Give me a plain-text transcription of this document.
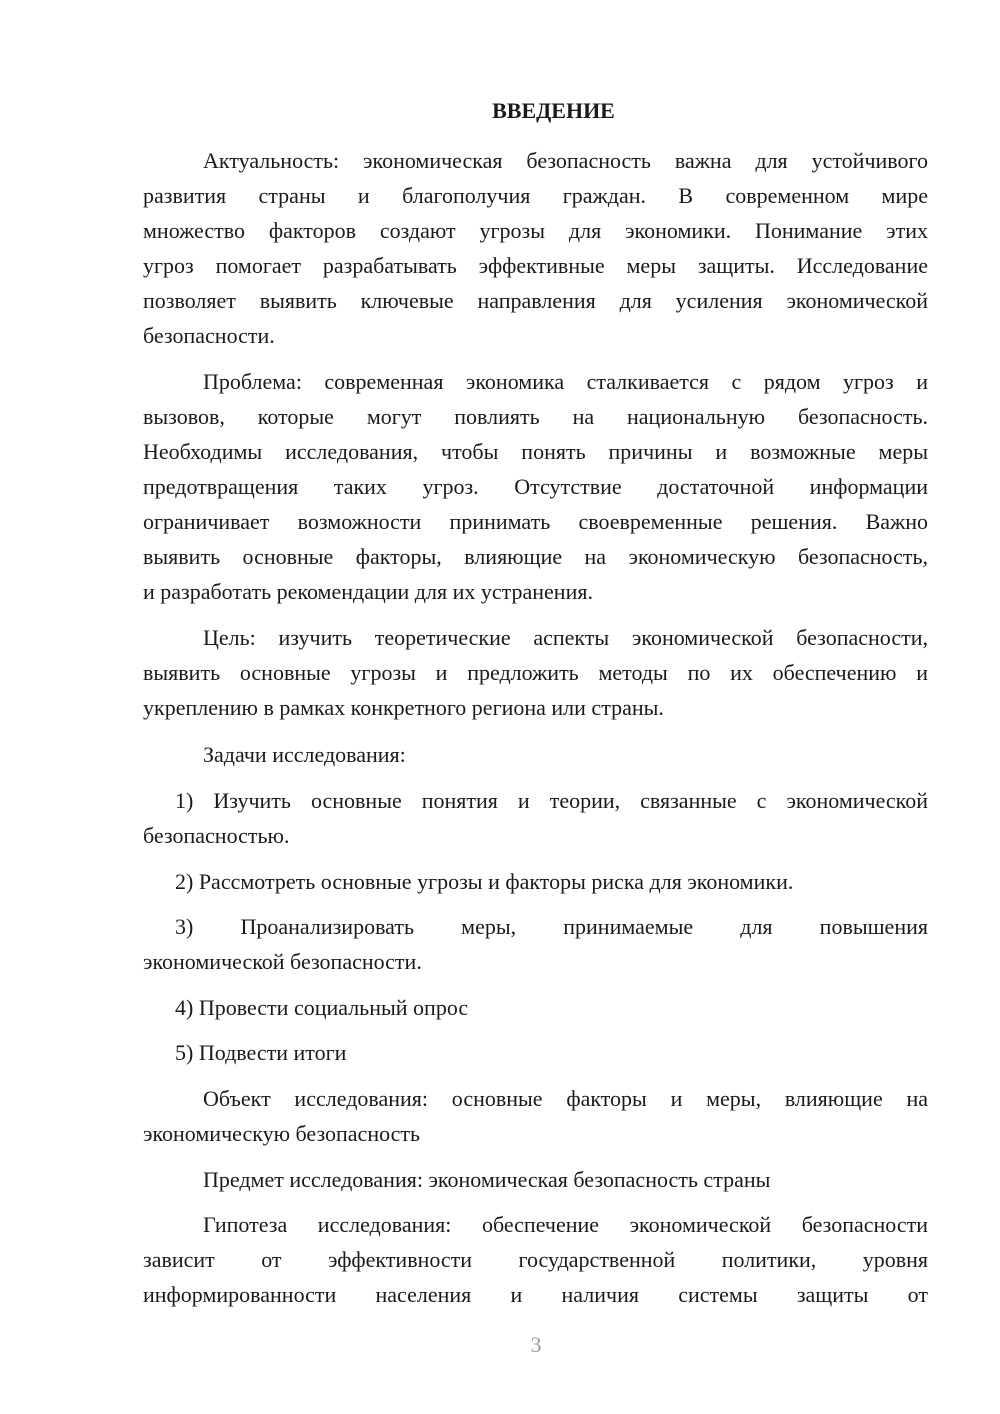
ВВЕДЕНИЕ
Актуальность: экономическая безопасность важна для устойчивого
развития страны и благополучия граждан. В современном мире
множество факторов создают угрозы для экономики. Понимание этих
угроз помогает разрабатывать эффективные меры защиты. Исследование
позволяет выявить ключевые направления для усиления экономической
безопасности.
Проблема: современная экономика сталкивается с рядом угроз и
вызовов, которые могут повлиять на национальную безопасность.
Необходимы исследования, чтобы понять причины и возможные меры
предотвращения таких угроз. Отсутствие достаточной информации
ограничивает возможности принимать своевременные решения. Важно
выявить основные факторы, влияющие на экономическую безопасность,
и разработать рекомендации для их устранения.
Цель: изучить теоретические аспекты экономической безопасности,
выявить основные угрозы и предложить методы по их обеспечению и
укреплению в рамках конкретного региона или страны.
Задачи исследования:
1) Изучить основные понятия и теории, связанные с экономической
безопасностью.
2) Рассмотреть основные угрозы и факторы риска для экономики.
3) Проанализировать меры, принимаемые для повышения
экономической безопасности.
4) Провести социальный опрос
5) Подвести итоги
Объект исследования: основные факторы и меры, влияющие на
экономическую безопасность
Предмет исследования: экономическая безопасность страны
Гипотеза исследования: обеспечение экономической безопасности
зависит от эффективности государственной политики, уровня
информированности населения и наличия системы защиты от
3
